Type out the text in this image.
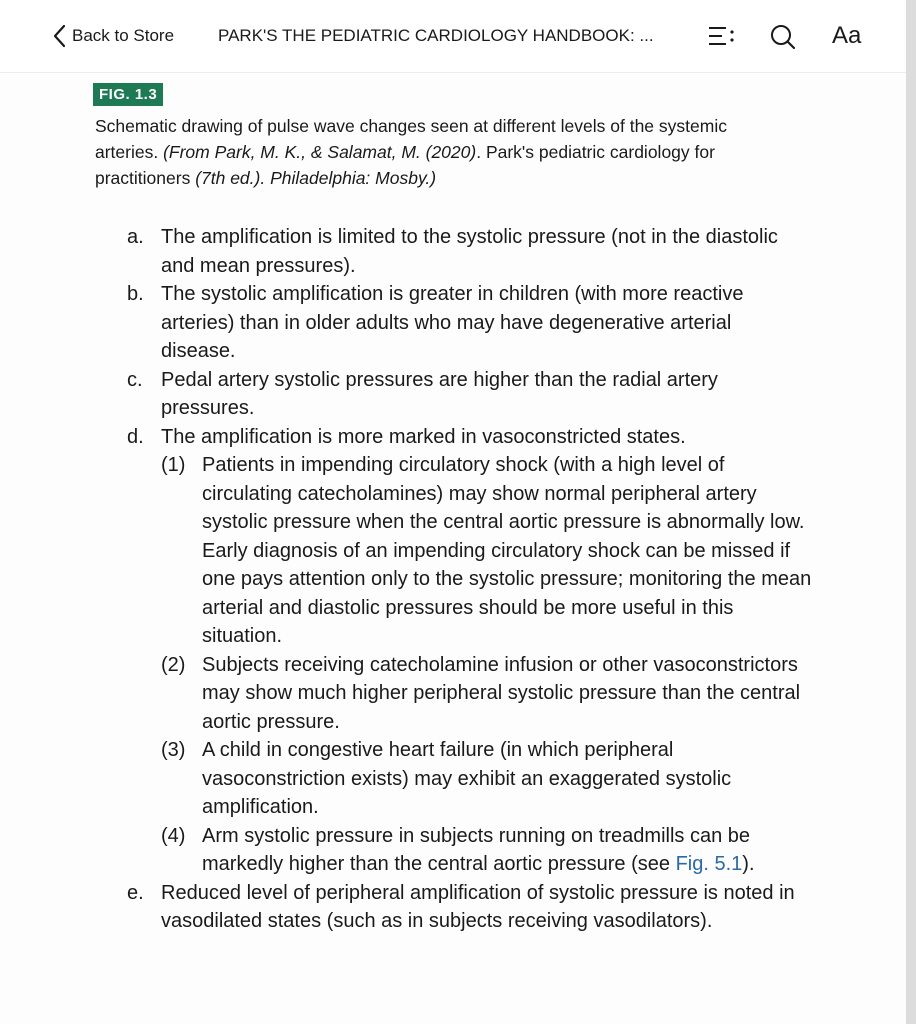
Back to Store	PARK'S THE PEDIATRIC CARDIOLOGY HANDBOOK: ...	Aa
FIG. 1.3
Schematic drawing of pulse wave changes seen at different levels of the systemic arteries. (From Park, M. K., & Salamat, M. (2020). Park's pediatric cardiology for practitioners (7th ed.). Philadelphia: Mosby.)
a. The amplification is limited to the systolic pressure (not in the diastolic and mean pressures).
b. The systolic amplification is greater in children (with more reactive arteries) than in older adults who may have degenerative arterial disease.
c. Pedal artery systolic pressures are higher than the radial artery pressures.
d. The amplification is more marked in vasoconstricted states.
(1) Patients in impending circulatory shock (with a high level of circulating catecholamines) may show normal peripheral artery systolic pressure when the central aortic pressure is abnormally low. Early diagnosis of an impending circulatory shock can be missed if one pays attention only to the systolic pressure; monitoring the mean arterial and diastolic pressures should be more useful in this situation.
(2) Subjects receiving catecholamine infusion or other vasoconstrictors may show much higher peripheral systolic pressure than the central aortic pressure.
(3) A child in congestive heart failure (in which peripheral vasoconstriction exists) may exhibit an exaggerated systolic amplification.
(4) Arm systolic pressure in subjects running on treadmills can be markedly higher than the central aortic pressure (see Fig. 5.1).
e. Reduced level of peripheral amplification of systolic pressure is noted in vasodilated states (such as in subjects receiving vasodilators).
